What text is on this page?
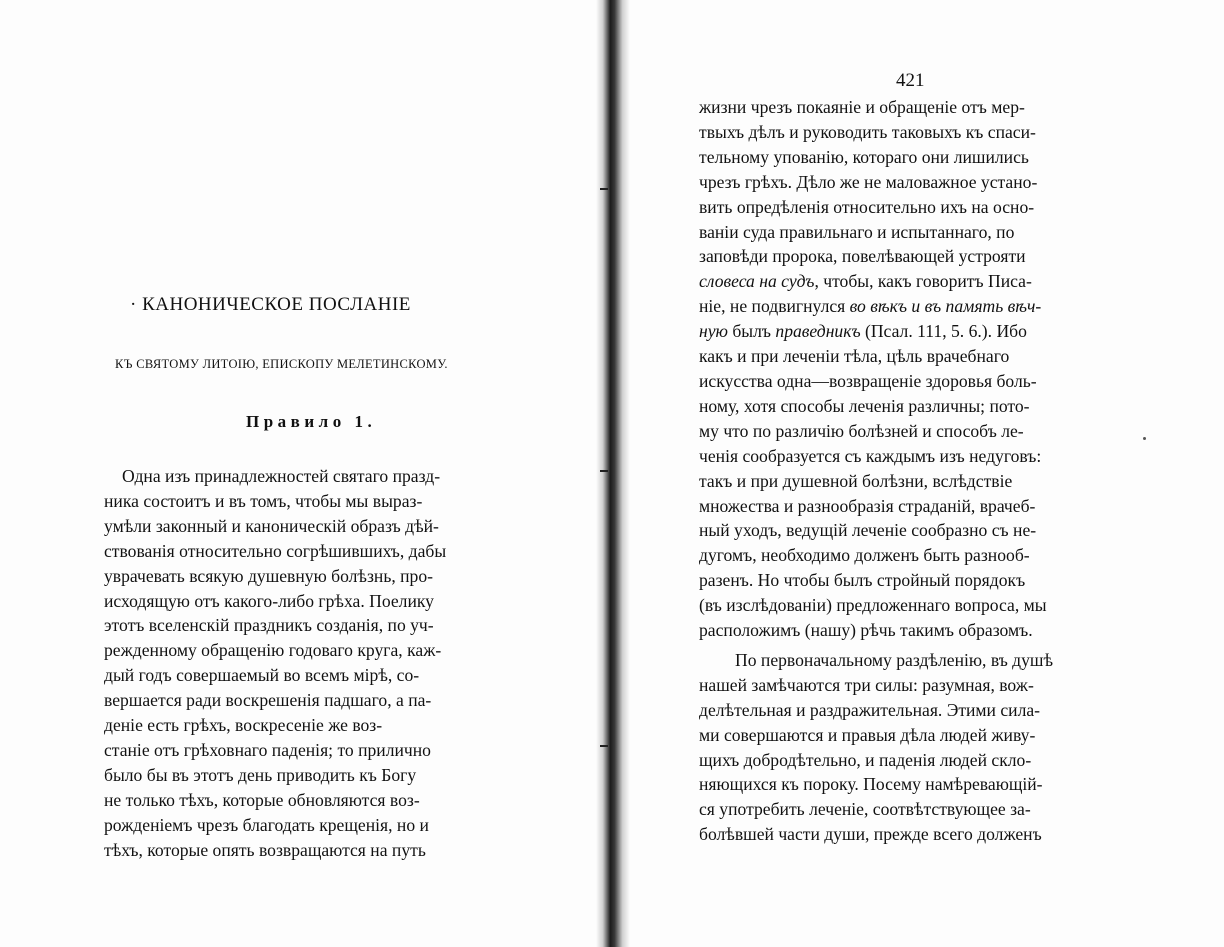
· КАНОНИЧЕСКОЕ ПОСЛАНІЕ
КЪ СВЯТОМУ ЛИТОІЮ, ЕПИСКОПУ МЕЛЕТИНСКОМУ.
Правило 1.
Одна изъ принадлежностей святаго празд-
ника состоитъ и въ томъ, чтобы мы выраз-
умѣли законный и каноническій образъ дѣй-
ствованія относительно согрѣшившихъ, дабы
уврачевать всякую душевную болѣзнь, про-
исходящую отъ какого-либо грѣха. Поелику
этотъ вселенскій праздникъ созданія, по уч-
режденному обращенію годоваго круга, каж-
дый годъ совершаемый во всемъ мірѣ, со-
вершается ради воскрешенія падшаго, а па-
деніе есть грѣхъ, воскресеніе же воз-
станіе отъ грѣховнаго паденія; то прилично
было бы въ этотъ день приводить къ Богу
не только тѣхъ, которые обновляются воз-
рожденіемъ чрезъ благодать крещенія, но и
тѣхъ, которые опять возвращаются на путь
421
жизни чрезъ покаяніе и обращеніе отъ мер-
твыхъ дѣлъ и руководить таковыхъ къ спаси-
тельному упованію, котораго они лишились
чрезъ грѣхъ. Дѣло же не маловажное устано-
вить опредѣленія относительно ихъ на осно-
ваніи суда правильнаго и испытаннаго, по
заповѣди пророка, повелѣвающей устрояти
словеса на судъ, чтобы, какъ говоритъ Писа-
ніе, не подвигнулся во вѣкъ и въ память вѣч-
ную былъ праведникъ (Псал. 111, 5. 6.). Ибо
какъ и при леченіи тѣла, цѣль врачебнаго
искусства одна—возвращеніе здоровья боль-
ному, хотя способы леченія различны; пото-
му что по различію болѣзней и способъ ле-
ченія сообразуется съ каждымъ изъ недуговъ:
такъ и при душевной болѣзни, вслѣдствіе
множества и разнообразія страданій, врачеб-
ный уходъ, ведущій леченіе сообразно съ не-
дугомъ, необходимо долженъ быть разнооб-
разенъ. Но чтобы былъ стройный порядокъ
(въ изслѣдованіи) предложеннаго вопроса, мы
расположимъ (нашу) рѣчь такимъ образомъ.
По первоначальному раздѣленію, въ душѣ
нашей замѣчаются три силы: разумная, вож-
делѣтельная и раздражительная. Этими сила-
ми совершаются и правыя дѣла людей живу-
щихъ добродѣтельно, и паденія людей скло-
няющихся къ пороку. Посему намѣревающій-
ся употребить леченіе, соотвѣтствующее за-
болѣвшей части души, прежде всего долженъ
